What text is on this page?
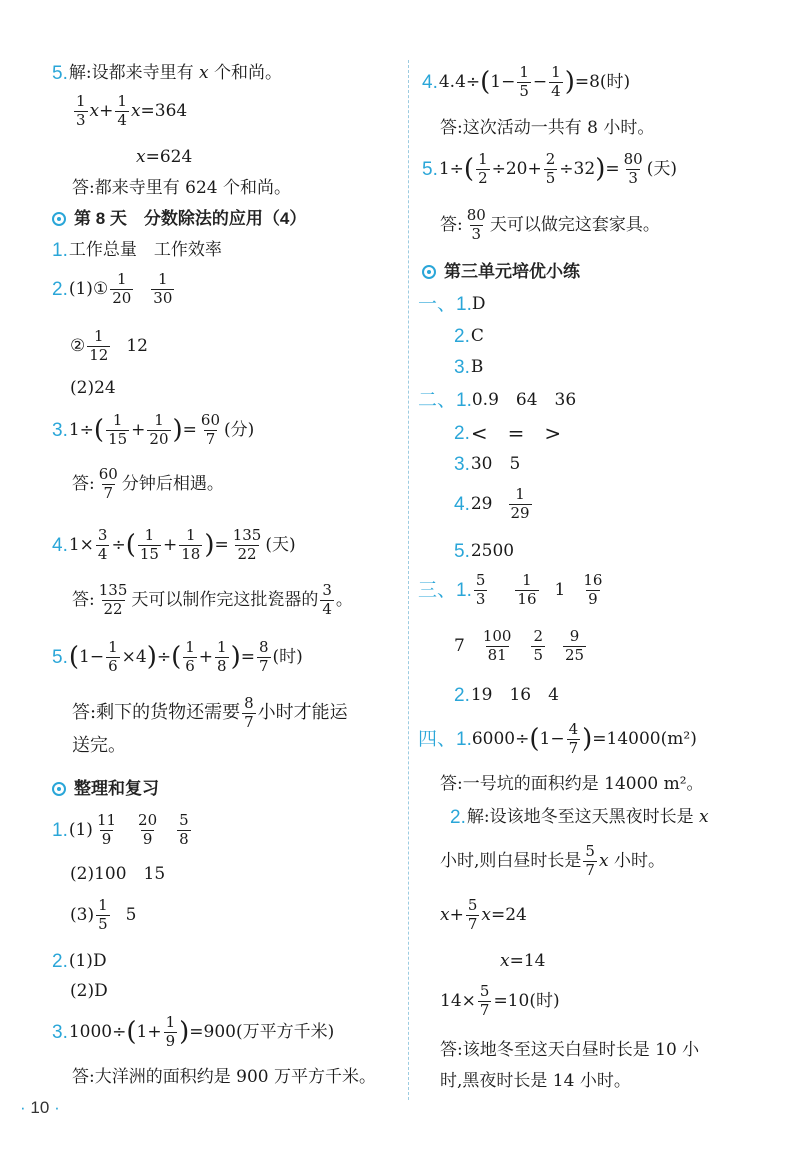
5. 解:设都来寺里有
x
个和尚。
$\frac{1}{3}$ $x + \frac{1}{4}$ x =364
x =624
答:都来寺里有 624 个和尚。
第 8 天　分数除法的应用（4）
1. 工作总量　工作效率
2. (1)① $\frac{1}{20} \frac{1}{30}$
② $\frac{1}{12} 12$
(2)24
3. 1÷ ( $\frac{1}{15} + \frac{1}{20}$ ) = $\frac{60}{7}$ (分)
答: $\frac{60}{7}$ 分钟后相遇。
4. $1\times \frac{3}{4}$ ÷ ( $\frac{1}{15} + \frac{1}{18}$ ) = $\frac{135}{22}$ (天)
答: $\frac{135}{22}$ 天可以制作完这批瓷器的 $\frac{3}{4}$ 。
5. ( $1- \frac{1}{6} \times 4$ ) ÷ ( $\frac{1}{6} + \frac{1}{8}$ ) = $\frac{8}{7}$ (时)
答:剩下的货物还需要 $\frac{8}{7}$ 小时才能运
送完。
整理和复习
1. $(1) \frac{11}{9} \frac{20}{9} \frac{5}{8}$
(2)100　15
$(3) \frac{1}{5} 5$
2. (1)D
(2)D
3. 1000÷ ( $1+ \frac{1}{9}$ ) =900(万平方千米)
答:大洋洲的面积约是 900 万平方千米。
· 10 ·
4. 4.4÷ ( $1- \frac{1}{5} - \frac{1}{4}$ ) =8(时)
答:这次活动一共有 8 小时。
5. 1÷ ( $\frac{1}{2} \div 20+ \frac{2}{5} \div 32$ ) = $\frac{80}{3}$ (天)
答: $\frac{80}{3}$ 天可以做完这套家具。
第三单元培优小练
一、1. D
2. C
3. B
二、1. 0.9　64　36
2. <　=　>
3. 30　5
4. $29 \frac{1}{29}$
5. 2500
三、1. $\frac{5}{3} \frac{1}{16} 1 \frac{16}{9}$
$7 \frac{100}{81} \frac{2}{5} \frac{9}{25}$
2. 19　16　4
四、1. 6000÷ ( $1- \frac{4}{7}$ ) =14000(m²)
答:一号坑的面积约是 14000 m²。
2. 解:设该地冬至这天黑夜时长是
x
小时,则白昼时长是 $\frac{5}{7}$ x
小时。
$x + \frac{5}{7}$ x =24
x =14
$14\times \frac{5}{7} =10$(时)
答:该地冬至这天白昼时长是 10 小
时,黑夜时长是 14 小时。
